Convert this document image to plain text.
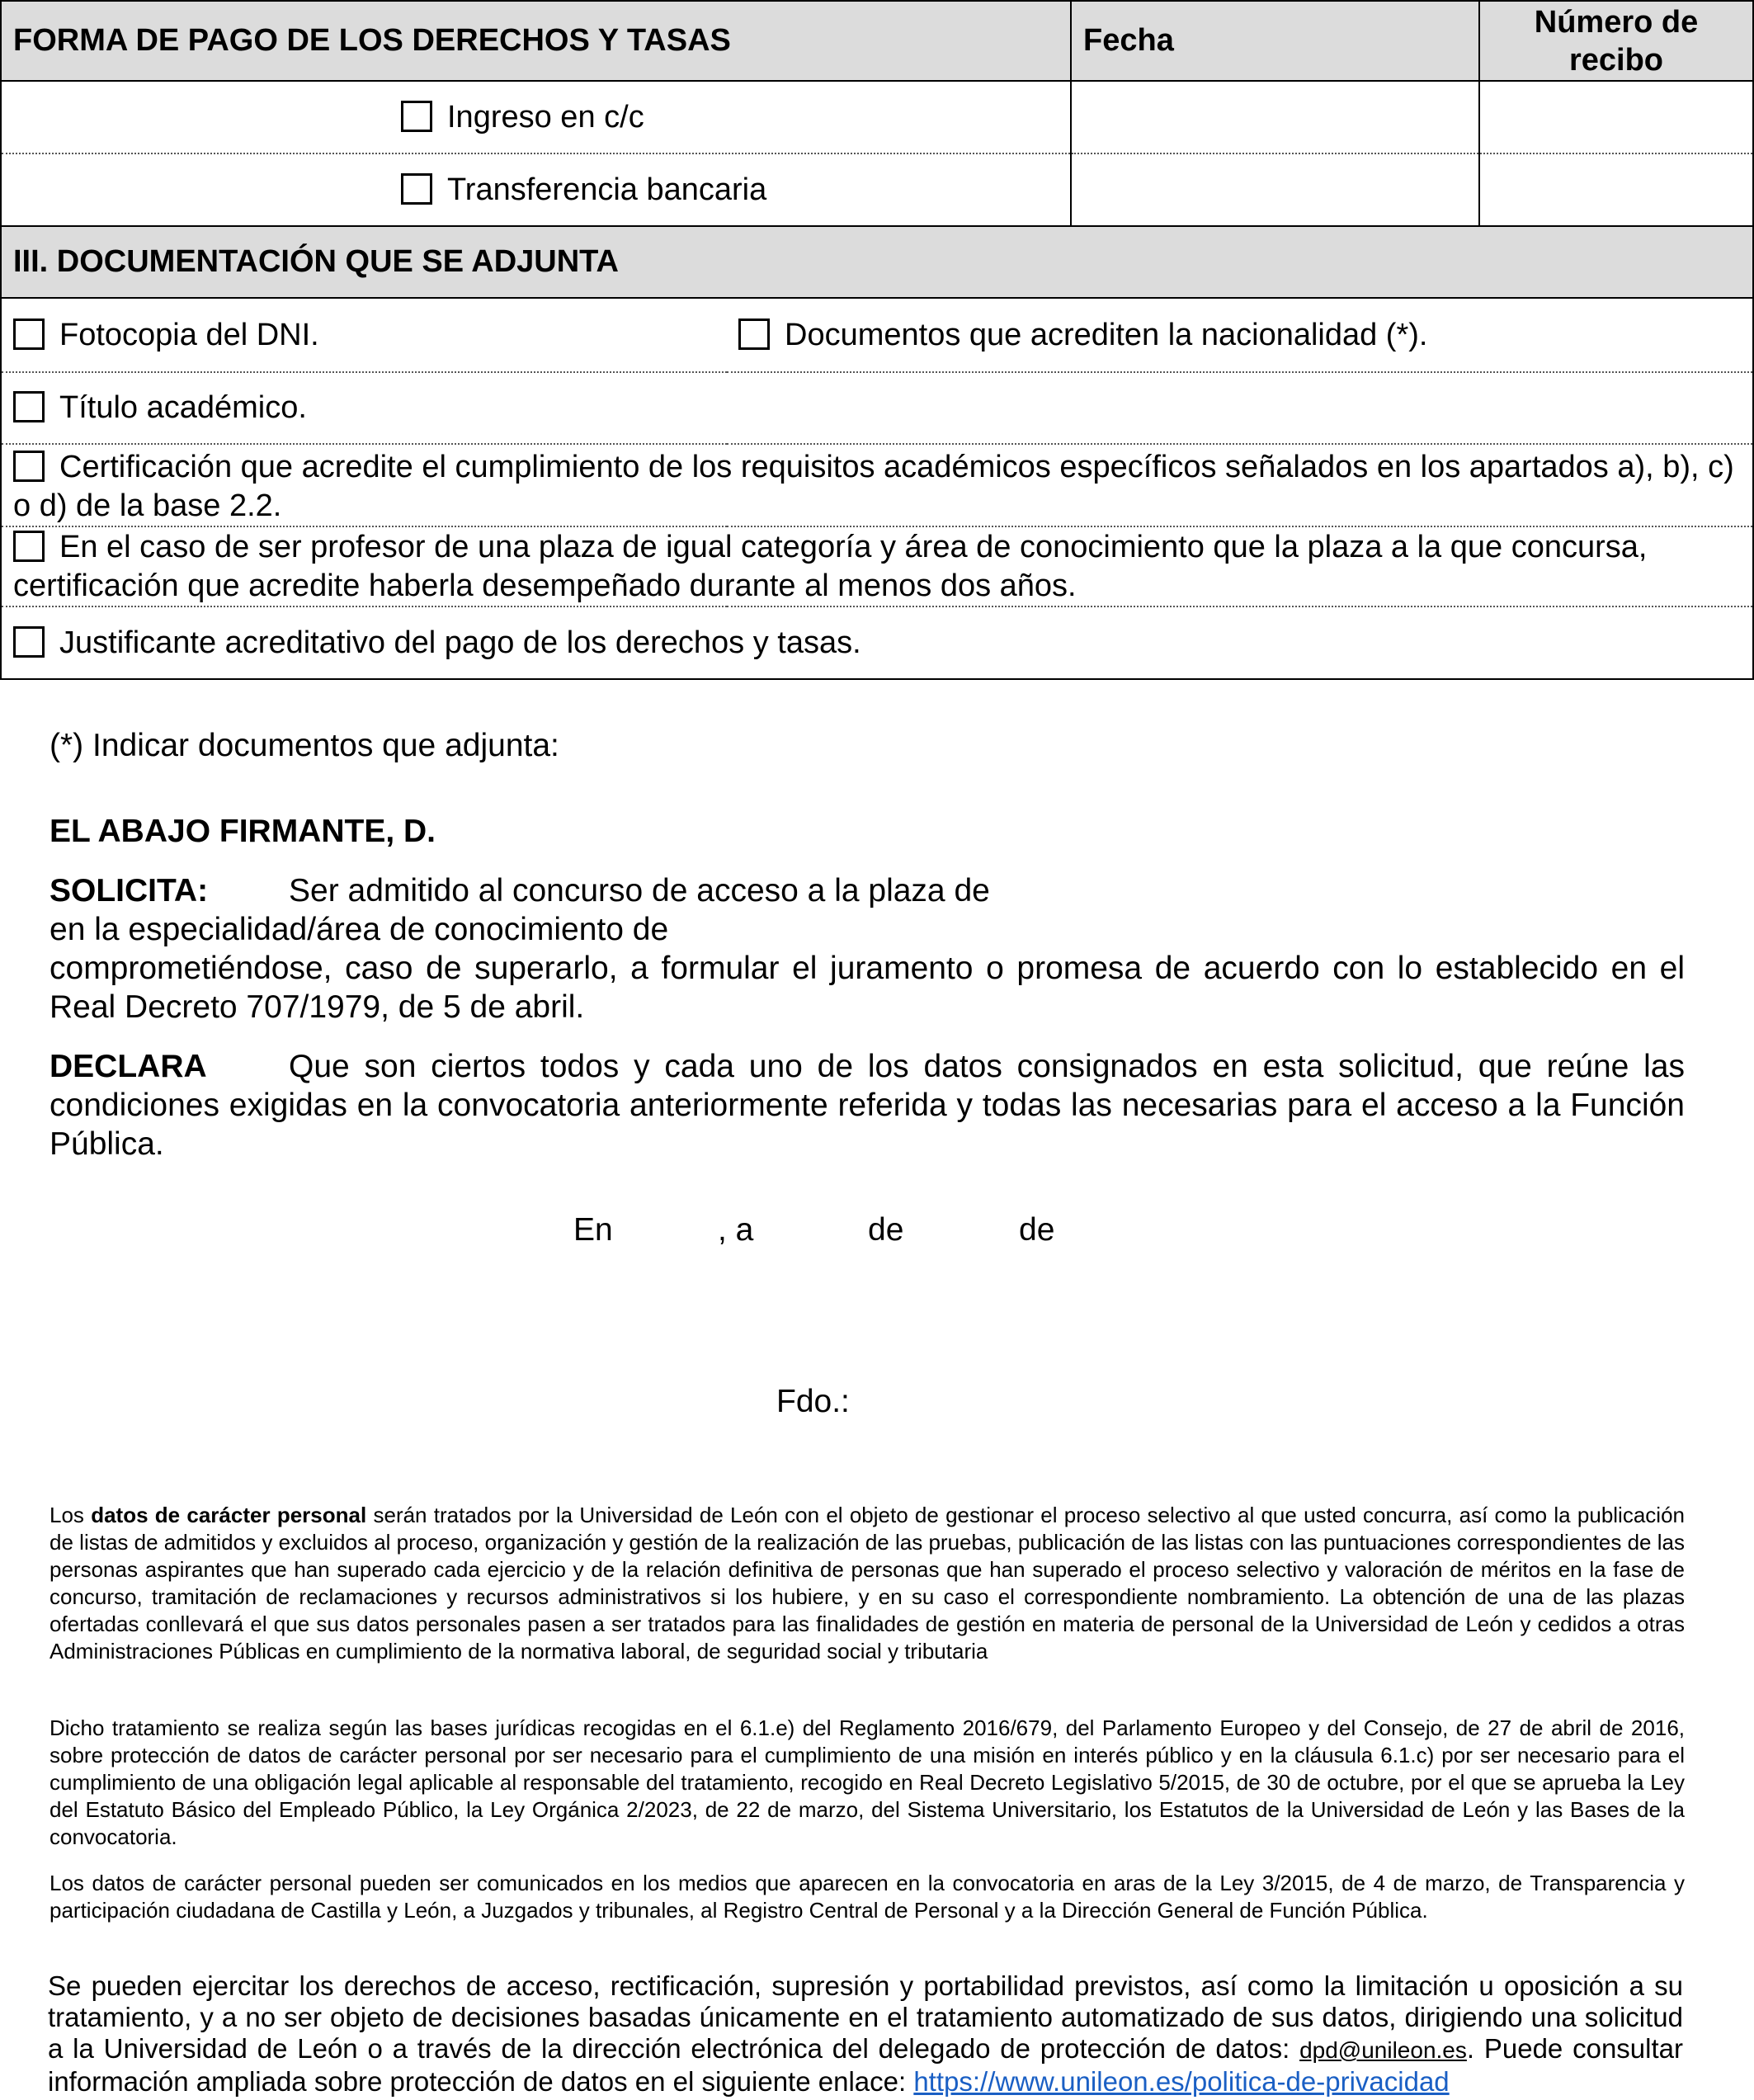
FORMA DE PAGO DE LOS DERECHOS Y TASAS	Fecha	Número de recibo
Ingreso en c/c		
Transferencia bancaria		
III. DOCUMENTACIÓN QUE SE ADJUNTA
Fotocopia del DNI.	Documentos que acrediten la nacionalidad (*).
Título académico.
Certificación que acredite el cumplimiento de los requisitos académicos específicos señalados en los apartados a), b), c) o d) de la base 2.2.
En el caso de ser profesor de una plaza de igual categoría y área de conocimiento que la plaza a la que concursa, certificación que acredite haberla desempeñado durante al menos dos años.
Justificante acreditativo del pago de los derechos y tasas.
(*) Indicar documentos que adjunta:
EL ABAJO FIRMANTE, D.
SOLICITA:	Ser admitido al concurso de acceso a la plaza de
en la especialidad/área de conocimiento de
comprometiéndose, caso de superarlo, a formular el juramento o promesa de acuerdo con lo establecido en el Real Decreto 707/1979, de 5 de abril.
DECLARA	Que son ciertos todos y cada uno de los datos consignados en esta solicitud, que reúne las condiciones exigidas en la convocatoria anteriormente referida y todas las necesarias para el acceso a la Función Pública.
En	, a	de	de
Fdo.:
Los datos de carácter personal serán tratados por la Universidad de León con el objeto de gestionar el proceso selectivo al que usted concurra, así como la publicación de listas de admitidos y excluidos al proceso, organización y gestión de la realización de las pruebas, publicación de las listas con las puntuaciones correspondientes de las personas aspirantes que han superado cada ejercicio y de la relación definitiva de personas que han superado el proceso selectivo y valoración de méritos en la fase de concurso, tramitación de reclamaciones y recursos administrativos si los hubiere, y en su caso el correspondiente nombramiento. La obtención de una de las plazas ofertadas conllevará el que sus datos personales pasen a ser tratados para las finalidades de gestión en materia de personal de la Universidad de León y cedidos a otras Administraciones Públicas en cumplimiento de la normativa laboral, de seguridad social y tributaria
Dicho tratamiento se realiza según las bases jurídicas recogidas en el 6.1.e) del Reglamento 2016/679, del Parlamento Europeo y del Consejo, de 27 de abril de 2016, sobre protección de datos de carácter personal por ser necesario para el cumplimiento de una misión en interés público y en la cláusula 6.1.c) por ser necesario para el cumplimiento de una obligación legal aplicable al responsable del tratamiento, recogido en Real Decreto Legislativo 5/2015, de 30 de octubre, por el que se aprueba la Ley del Estatuto Básico del Empleado Público, la Ley Orgánica 2/2023, de 22 de marzo, del Sistema Universitario, los Estatutos de la Universidad de León y las Bases de la convocatoria.
Los datos de carácter personal pueden ser comunicados en los medios que aparecen en la convocatoria en aras de la Ley 3/2015, de 4 de marzo, de Transparencia y participación ciudadana de Castilla y León, a Juzgados y tribunales, al Registro Central de Personal y a la Dirección General de Función Pública.
Se pueden ejercitar los derechos de acceso, rectificación, supresión y portabilidad previstos, así como la limitación u oposición a su tratamiento, y a no ser objeto de decisiones basadas únicamente en el tratamiento automatizado de sus datos, dirigiendo una solicitud a la Universidad de León o a través de la dirección electrónica del delegado de protección de datos: dpd@unileon.es. Puede consultar información ampliada sobre protección de datos en el siguiente enlace: https://www.unileon.es/politica-de-privacidad
